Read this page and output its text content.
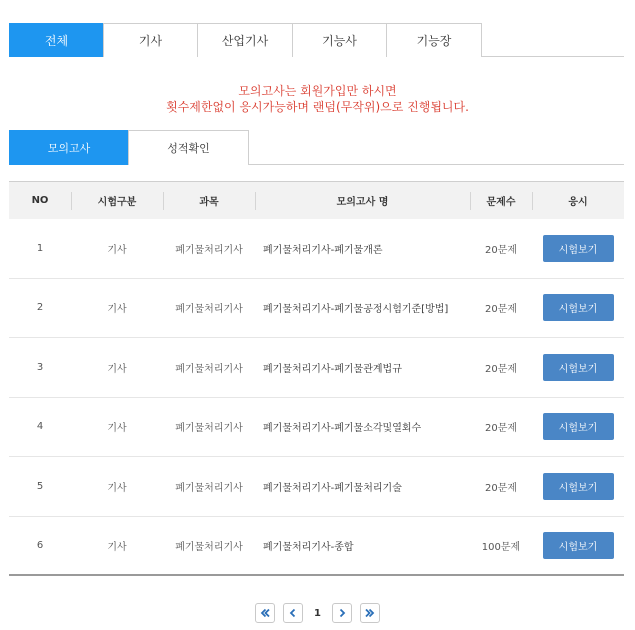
전체	기사	산업기사	기능사	기능장
모의고사는 회원가입만 하시면
횟수제한없이 응시가능하며 랜덤(무작위)으로 진행됩니다.
모의고사	성적확인
NO	시험구분	과목	모의고사 명	문제수	응시
1	기사	폐기물처리기사	폐기물처리기사-폐기물개론	20문제	시험보기
2	기사	폐기물처리기사	폐기물처리기사-폐기물공정시험기준[방법]	20문제	시험보기
3	기사	폐기물처리기사	폐기물처리기사-폐기물관계법규	20문제	시험보기
4	기사	폐기물처리기사	폐기물처리기사-폐기물소각및열회수	20문제	시험보기
5	기사	폐기물처리기사	폐기물처리기사-폐기물처리기술	20문제	시험보기
6	기사	폐기물처리기사	폐기물처리기사-종합	100문제	시험보기
1
